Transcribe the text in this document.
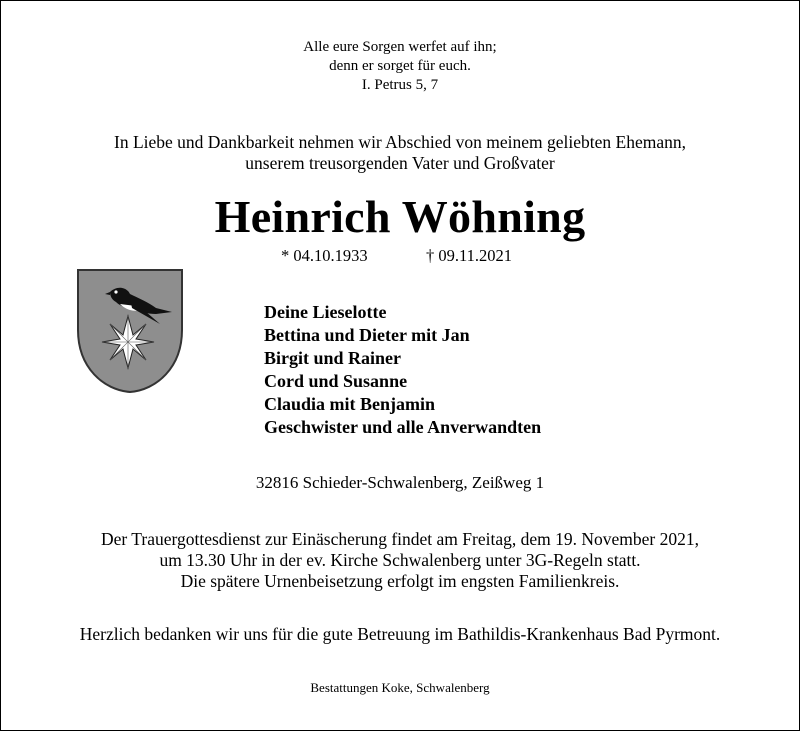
Alle eure Sorgen werfet auf ihn;
denn er sorget für euch.
I. Petrus 5, 7
In Liebe und Dankbarkeit nehmen wir Abschied von meinem geliebten Ehemann,
unserem treusorgenden Vater und Großvater
Heinrich Wöhning
* 04.10.1933	† 09.11.2021
Deine Lieselotte
Bettina und Dieter mit Jan
Birgit und Rainer
Cord und Susanne
Claudia mit Benjamin
Geschwister und alle Anverwandten
32816 Schieder-Schwalenberg, Zeißweg 1
Der Trauergottesdienst zur Einäscherung findet am Freitag, dem 19. November 2021,
um 13.30 Uhr in der ev. Kirche Schwalenberg unter 3G-Regeln statt.
Die spätere Urnenbeisetzung erfolgt im engsten Familienkreis.
Herzlich bedanken wir uns für die gute Betreuung im Bathildis-Krankenhaus Bad Pyrmont.
Bestattungen Koke, Schwalenberg
